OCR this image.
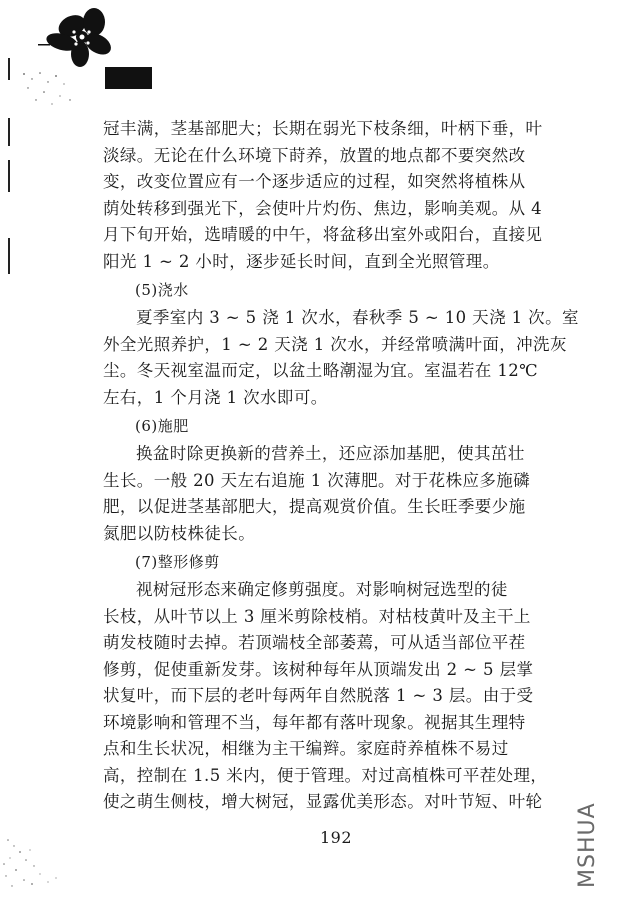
冠丰满，茎基部肥大；长期在弱光下枝条细，叶柄下垂，叶
淡绿。无论在什么环境下莳养，放置的地点都不要突然改
变，改变位置应有一个逐步适应的过程，如突然将植株从
荫处转移到强光下，会使叶片灼伤、焦边，影响美观。从 4
月下旬开始，选晴暖的中午，将盆移出室外或阳台，直接见
阳光 1 ~ 2 小时，逐步延长时间，直到全光照管理。
(5)浇水
夏季室内 3 ~ 5 浇 1 次水，春秋季 5 ~ 10 天浇 1 次。室
外全光照养护，1 ~ 2 天浇 1 次水，并经常喷满叶面，冲洗灰
尘。冬天视室温而定，以盆土略潮湿为宜。室温若在 12℃
左右，1 个月浇 1 次水即可。
(6)施肥
换盆时除更换新的营养土，还应添加基肥，使其茁壮
生长。一般 20 天左右追施 1 次薄肥。对于花株应多施磷
肥，以促进茎基部肥大，提高观赏价值。生长旺季要少施
氮肥以防枝株徒长。
(7)整形修剪
视树冠形态来确定修剪强度。对影响树冠选型的徒
长枝，从叶节以上 3 厘米剪除枝梢。对枯枝黄叶及主干上
萌发枝随时去掉。若顶端枝全部萎蔫，可从适当部位平茬
修剪，促使重新发芽。该树种每年从顶端发出 2 ~ 5 层掌
状复叶，而下层的老叶每两年自然脱落 1 ~ 3 层。由于受
环境影响和管理不当，每年都有落叶现象。视据其生理特
点和生长状况，相继为主干编辫。家庭莳养植株不易过
高，控制在 1.5 米内，便于管理。对过高植株可平茬处理，
使之萌生侧枝，增大树冠，显露优美形态。对叶节短、叶轮
192	MSHUA
